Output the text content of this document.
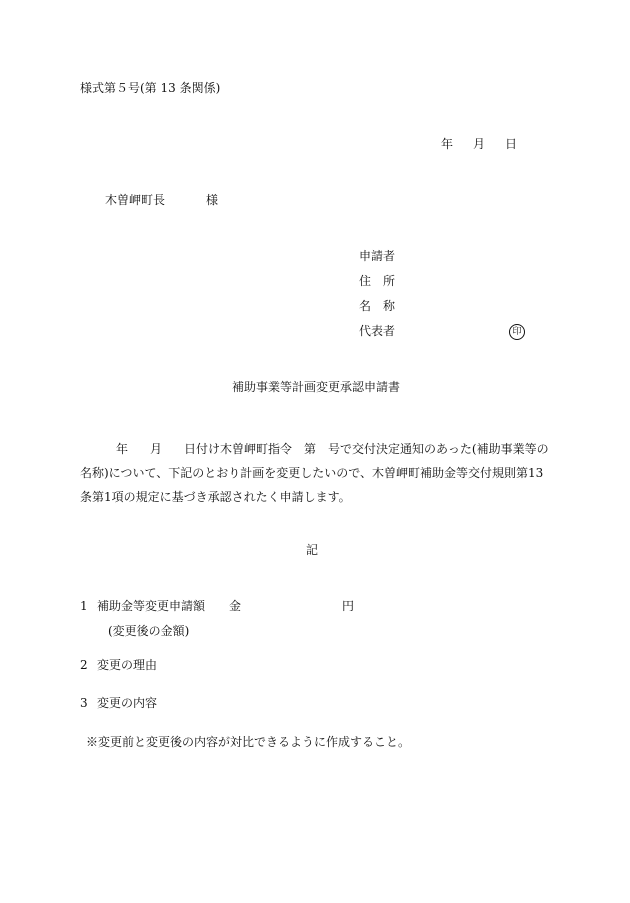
様式第５号(第 13 条関係)
年 月 日
木曽岬町長	様
申請者
住　所
名　称
代表者	印
補助事業等計画変更承認申請書
年 月 日付け木曽岬町指令　第　号で交付決定通知のあった(補助事業等の名称)について、下記のとおり計画を変更したいので、木曽岬町補助金等交付規則第13条第1項の規定に基づき承認されたく申請します。
記
1 補助金等変更申請額 金	円
(変更後の金額)
2 変更の理由
3 変更の内容
※変更前と変更後の内容が対比できるように作成すること。
